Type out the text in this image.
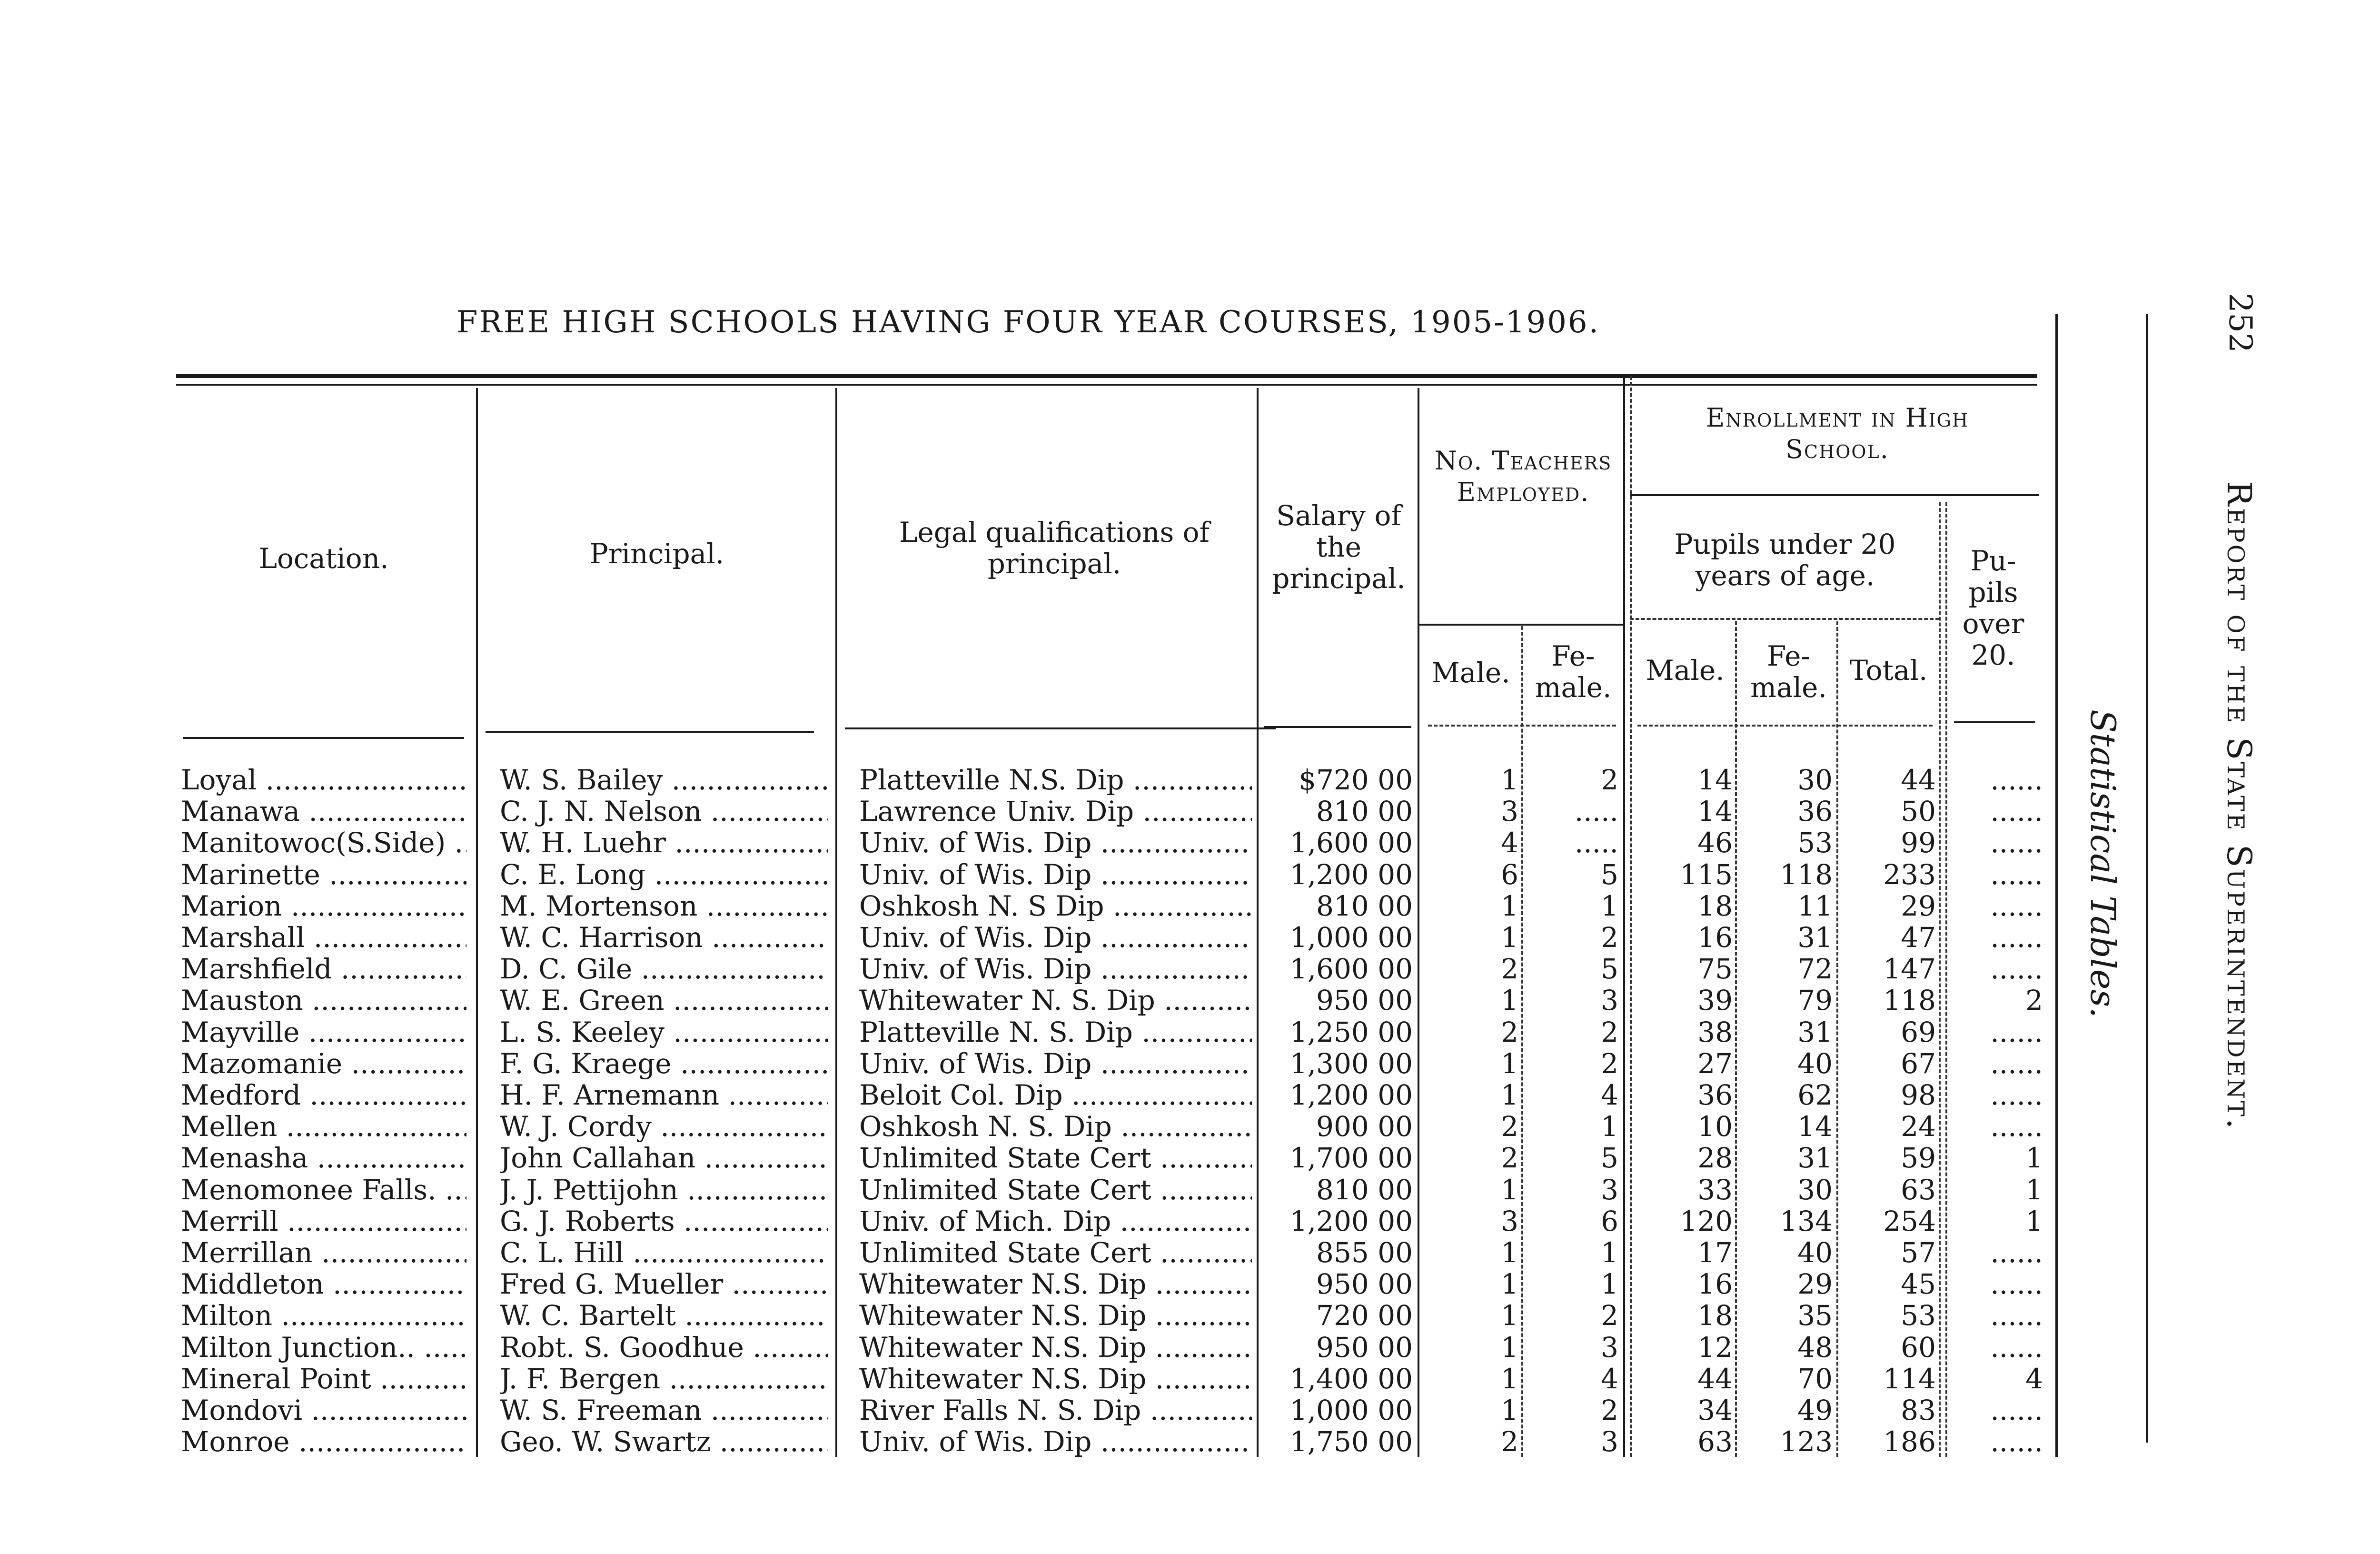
FREE HIGH SCHOOLS HAVING FOUR YEAR COURSES, 1905-1906.	252
Report of the State Superintendent.
Statistical Tables.
Location.	Principal.
Legal qualifications of principal.
Salary of the principal.
No. Teachers Employed.
Male.
Fe-male.
Enrollment in High School.
Pupils under 20 years of age.
Male.	Fe-male.
Total.
Pu-pils over 20.
Loyal .....	W. S. Bailey .....	Platteville N.S. Dip .....	$720 00	1	2	14	30	44	......
Manawa .....	C. J. N. Nelson .....	Lawrence Univ. Dip .....	810 00	3	.....	14	36	50	......
Manitowoc(S.Side) .....	W. H. Luehr .....	Univ. of Wis. Dip .....	1,600 00	4	.....	46	53	99	......
Marinette .....	C. E. Long .....	Univ. of Wis. Dip .....	1,200 00	6	5	115	118	233	......
Marion .....	M. Mortenson .....	Oshkosh N. S Dip .....	810 00	1	1	18	11	29	......
Marshall .....	W. C. Harrison .....	Univ. of Wis. Dip .....	1,000 00	1	2	16	31	47	......
Marshfield .....	D. C. Gile .....	Univ. of Wis. Dip .....	1,600 00	2	5	75	72	147	......
Mauston .....	W. E. Green .....	Whitewater N. S. Dip .....	950 00	1	3	39	79	118	2
Mayville .....	L. S. Keeley .....	Platteville N. S. Dip .....	1,250 00	2	2	38	31	69	......
Mazomanie .....	F. G. Kraege .....	Univ. of Wis. Dip .....	1,300 00	1	2	27	40	67	......
Medford .....	H. F. Arnemann .....	Beloit Col. Dip .....	1,200 00	1	4	36	62	98	......
Mellen .....	W. J. Cordy .....	Oshkosh N. S. Dip .....	900 00	2	1	10	14	24	......
Menasha .....	John Callahan .....	Unlimited State Cert .....	1,700 00	2	5	28	31	59	1
Menomonee Falls. .....	J. J. Pettijohn .....	Unlimited State Cert .....	810 00	1	3	33	30	63	1
Merrill .....	G. J. Roberts .....	Univ. of Mich. Dip .....	1,200 00	3	6	120	134	254	1
Merrillan .....	C. L. Hill .....	Unlimited State Cert .....	855 00	1	1	17	40	57	......
Middleton .....	Fred G. Mueller .....	Whitewater N.S. Dip .....	950 00	1	1	16	29	45	......
Milton .....	W. C. Bartelt .....	Whitewater N.S. Dip .....	720 00	1	2	18	35	53	......
Milton Junction.. .....	Robt. S. Goodhue .....	Whitewater N.S. Dip .....	950 00	1	3	12	48	60	......
Mineral Point .....	J. F. Bergen .....	Whitewater N.S. Dip .....	1,400 00	1	4	44	70	114	4
Mondovi .....	W. S. Freeman .....	River Falls N. S. Dip .....	1,000 00	1	2	34	49	83	......
Monroe .....	Geo. W. Swartz .....	Univ. of Wis. Dip .....	1,750 00	2	3	63	123	186	......
